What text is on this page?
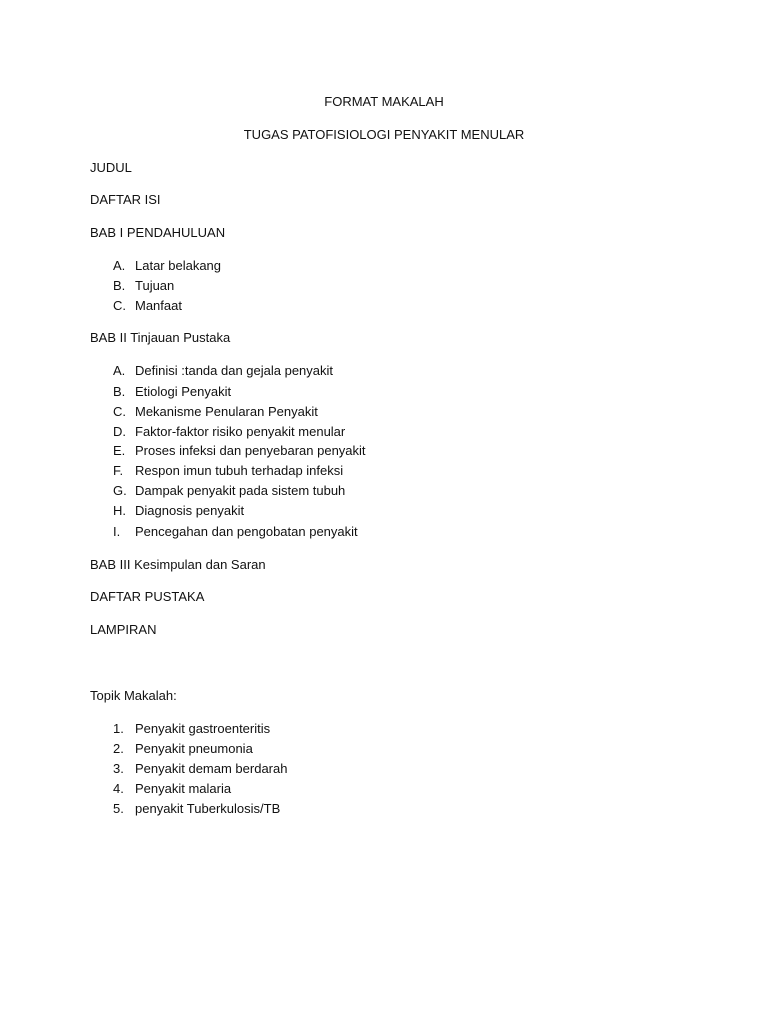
FORMAT MAKALAH
TUGAS PATOFISIOLOGI PENYAKIT MENULAR
JUDUL
DAFTAR ISI
BAB I PENDAHULUAN
A. Latar belakang
B. Tujuan
C. Manfaat
BAB II Tinjauan Pustaka
A. Definisi :tanda dan gejala penyakit
B. Etiologi Penyakit
C. Mekanisme Penularan Penyakit
D. Faktor-faktor risiko penyakit menular
E. Proses infeksi dan penyebaran penyakit
F. Respon imun tubuh terhadap infeksi
G. Dampak penyakit pada sistem tubuh
H. Diagnosis penyakit
I. Pencegahan dan pengobatan penyakit
BAB III Kesimpulan dan Saran
DAFTAR PUSTAKA
LAMPIRAN
Topik Makalah:
1. Penyakit gastroenteritis
2. Penyakit pneumonia
3. Penyakit demam berdarah
4. Penyakit malaria
5. penyakit Tuberkulosis/TB
